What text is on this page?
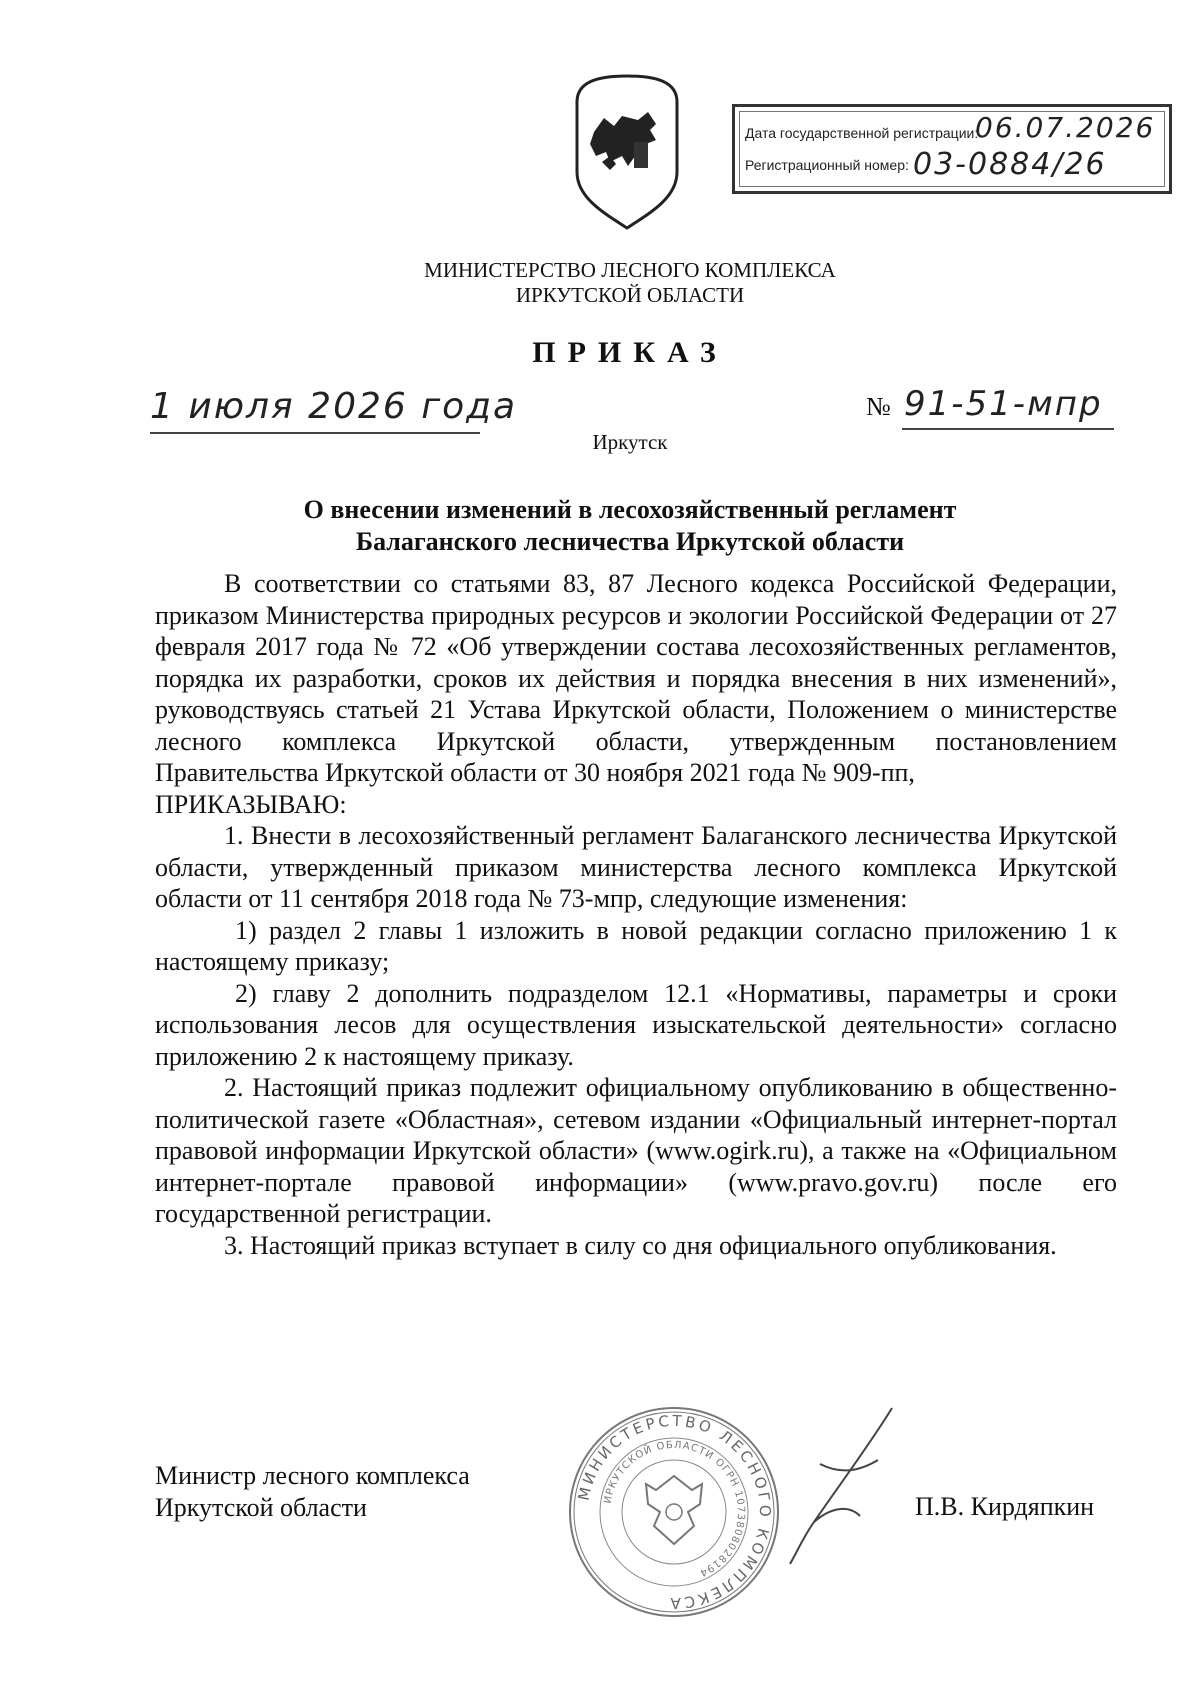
Дата государственной регистрации:
06.07.2026
Регистрационный номер: 03-0884/26
МИНИСТЕРСТВО ЛЕСНОГО КОМПЛЕКСА
ИРКУТСКОЙ ОБЛАСТИ
ПРИКАЗ
1 июля 2026 года	№ 91-51-мпр
Иркутск
О внесении изменений в лесохозяйственный регламент
Балаганского лесничества Иркутской области

В соответствии со статьями 83, 87 Лесного кодекса Российской Федерации, приказом Министерства природных ресурсов и экологии Российской Федерации от 27 февраля 2017 года № 72 «Об утверждении состава лесохозяйственных регламентов, порядка их разработки, сроков их действия и порядка внесения в них изменений», руководствуясь статьей 21 Устава Иркутской области, Положением о министерстве лесного комплекса Иркутской области, утвержденным постановлением Правительства Иркутской области от 30 ноября 2021 года № 909-пп,

ПРИКАЗЫВАЮ:

1. Внести в лесохозяйственный регламент Балаганского лесничества Иркутской области, утвержденный приказом министерства лесного комплекса Иркутской области от 11 сентября 2018 года № 73-мпр, следующие изменения:

1) раздел 2 главы 1 изложить в новой редакции согласно приложению 1 к настоящему приказу;

2) главу 2 дополнить подразделом 12.1 «Нормативы, параметры и сроки использования лесов для осуществления изыскательской деятельности» согласно приложению 2 к настоящему приказу.

2. Настоящий приказ подлежит официальному опубликованию в общественно-политической газете «Областная», сетевом издании «Официальный интернет-портал правовой информации Иркутской области» (www.ogirk.ru), а также на «Официальном интернет-портале правовой информации» (www.pravo.gov.ru) после его государственной регистрации.

3. Настоящий приказ вступает в силу со дня официального опубликования.

Министр лесного комплекса
Иркутской области	П.В. Кирдяпкин
МИНИСТЕРСТВО ЛЕСНОГО КОМПЛЕКСА
ИРКУТСКОЙ ОБЛАСТИ ОГРН 1073808028194
